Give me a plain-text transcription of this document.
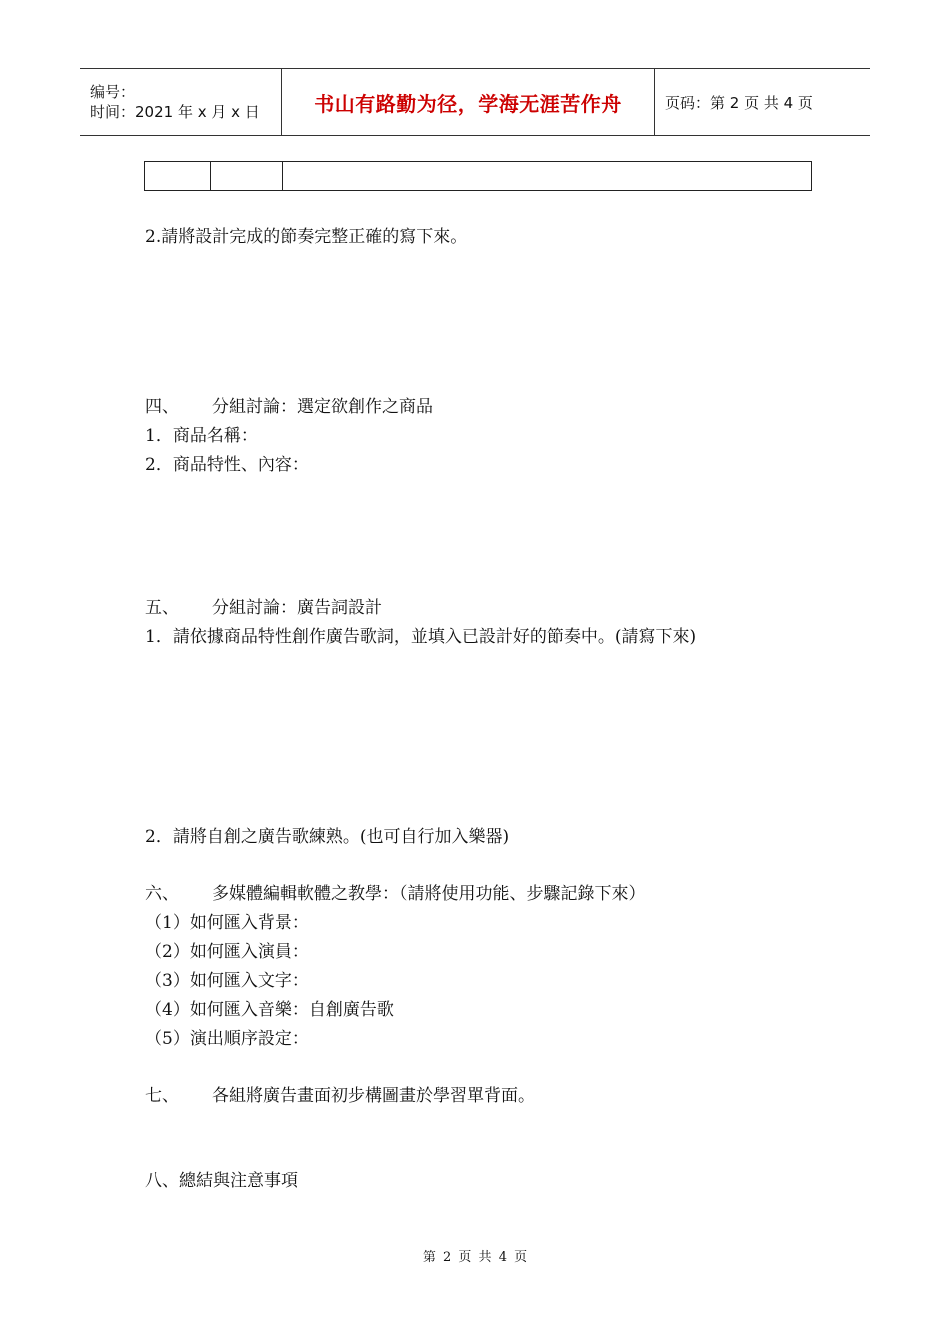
编号：
时间：2021 年 x 月 x 日	书山有路勤为径，学海无涯苦作舟	页码：第 2 页 共 4 页
2.請將設計完成的節奏完整正確的寫下來。
四、 分組討論：選定欲創作之商品
1．商品名稱：
2．商品特性、內容：
五、 分組討論：廣告詞設計
1．請依據商品特性創作廣告歌詞，並填入已設計好的節奏中。(請寫下來)
2．請將自創之廣告歌練熟。(也可自行加入樂器)
六、 多媒體編輯軟體之教學：（請將使用功能、步驟記錄下來）
（1）如何匯入背景：
（2）如何匯入演員：
（3）如何匯入文字：
（4）如何匯入音樂：自創廣告歌
（5）演出順序設定：
七、 各組將廣告畫面初步構圖畫於學習單背面。
八、總結與注意事項
第 2 页 共 4 页
